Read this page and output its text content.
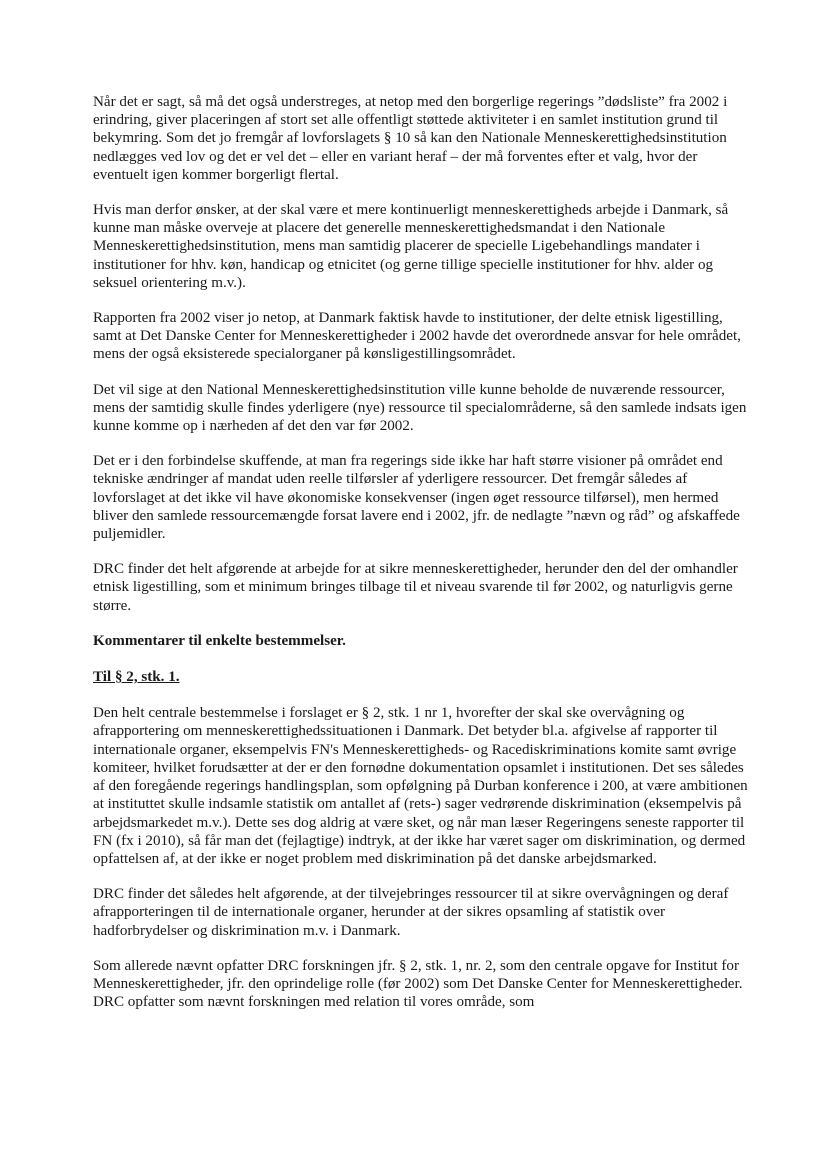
Når det er sagt, så må det også understreges, at netop med den borgerlige regerings ”dødsliste” fra 2002 i erindring, giver placeringen af stort set alle offentligt støttede aktiviteter i en samlet institution grund til bekymring. Som det jo fremgår af lovforslagets § 10 så kan den Nationale Menneskerettighedsinstitution nedlægges ved lov og det er vel det – eller en variant heraf – der må forventes efter et valg, hvor der eventuelt igen kommer borgerligt flertal.

Hvis man derfor ønsker, at der skal være et mere kontinuerligt menneskerettigheds arbejde i Danmark, så kunne man måske overveje at placere det generelle menneskerettighedsmandat i den Nationale Menneskerettighedsinstitution, mens man samtidig placerer de specielle Ligebehandlings mandater i institutioner for hhv. køn, handicap og etnicitet (og gerne tillige specielle institutioner for hhv. alder og seksuel orientering m.v.).

Rapporten fra 2002 viser jo netop, at Danmark faktisk havde to institutioner, der delte etnisk ligestilling, samt at Det Danske Center for Menneskerettigheder i 2002 havde det overordnede ansvar for hele området, mens der også eksisterede specialorganer på kønsligestillingsområdet.

Det vil sige at den National Menneskerettighedsinstitution ville kunne beholde de nuværende ressourcer, mens der samtidig skulle findes yderligere (nye) ressource til specialområderne, så den samlede indsats igen kunne komme op i nærheden af det den var før 2002.

Det er i den forbindelse skuffende, at man fra regerings side ikke har haft større visioner på området end tekniske ændringer af mandat uden reelle tilførsler af yderligere ressourcer. Det fremgår således af lovforslaget at det ikke vil have økonomiske konsekvenser (ingen øget ressource tilførsel), men hermed bliver den samlede ressourcemængde forsat lavere end i 2002, jfr. de nedlagte ”nævn og råd” og afskaffede puljemidler.

DRC finder det helt afgørende at arbejde for at sikre menneskerettigheder, herunder den del der omhandler etnisk ligestilling, som et minimum bringes tilbage til et niveau svarende til før 2002, og naturligvis gerne større.

Kommentarer til enkelte bestemmelser.

Til § 2, stk. 1.

Den helt centrale bestemmelse i forslaget er § 2, stk. 1 nr 1, hvorefter der skal ske overvågning og afrapportering om menneskerettighedssituationen i Danmark. Det betyder bl.a. afgivelse af rapporter til internationale organer, eksempelvis FN's Menneskerettigheds- og Racediskriminations komite samt øvrige komiteer, hvilket forudsætter at der er den fornødne dokumentation opsamlet i institutionen. Det ses således af den foregående regerings handlingsplan, som opfølgning på Durban konference i 200, at være ambitionen at instituttet skulle indsamle statistik om antallet af (rets-) sager vedrørende diskrimination (eksempelvis på arbejdsmarkedet m.v.). Dette ses dog aldrig at være sket, og når man læser Regeringens seneste rapporter til FN (fx i 2010), så får man det (fejlagtige) indtryk, at der ikke har været sager om diskrimination, og dermed opfattelsen af, at der ikke er noget problem med diskrimination på det danske arbejdsmarked.

DRC finder det således helt afgørende, at der tilvejebringes ressourcer til at sikre overvågningen og deraf afrapporteringen til de internationale organer, herunder at der sikres opsamling af statistik over hadforbrydelser og diskrimination m.v. i Danmark.

Som allerede nævnt opfatter DRC forskningen jfr. § 2, stk. 1, nr. 2, som den centrale opgave for Institut for Menneskerettigheder, jfr. den oprindelige rolle (før 2002) som Det Danske Center for Menneskerettigheder. DRC opfatter som nævnt forskningen med relation til vores område, som
